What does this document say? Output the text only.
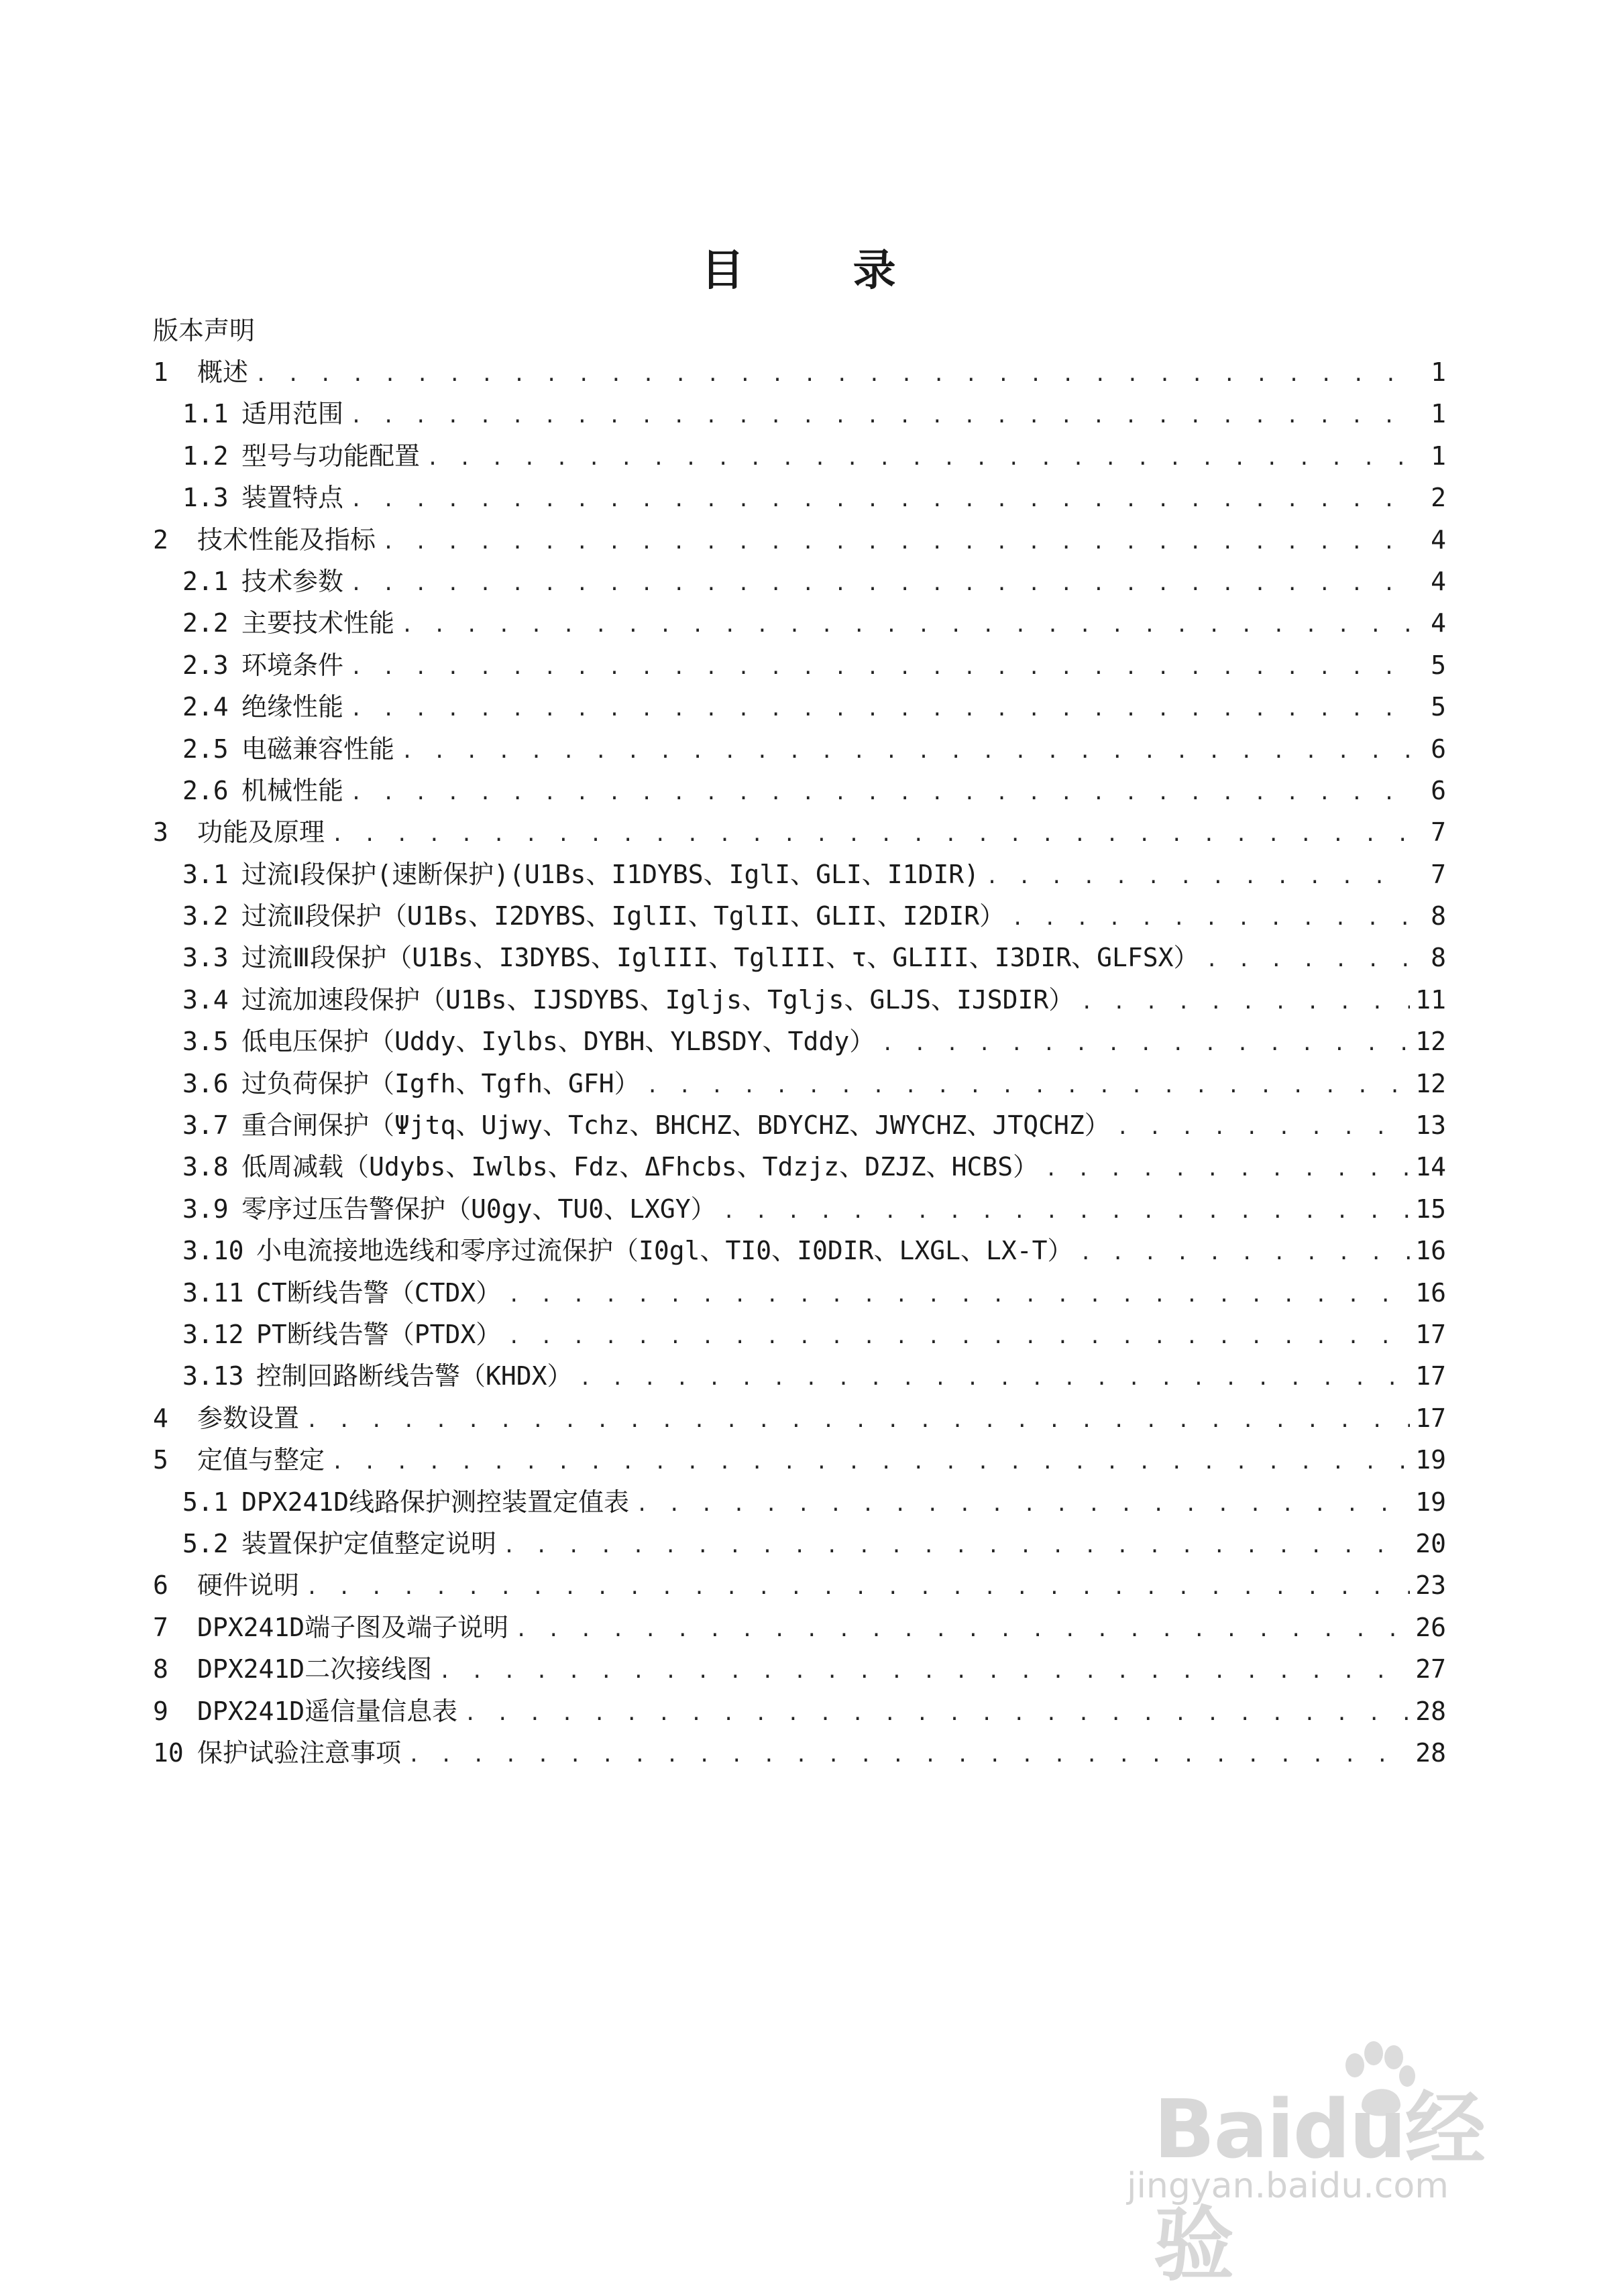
目 录
版本声明
1	概述 . . .	1
1.1 适用范围 . . .	1
1.2 型号与功能配置 . . .	1
1.3 装置特点 . . .	2
2	技术性能及指标 . . .	4
2.1 技术参数 . . .	4
2.2 主要技术性能 . . .	4
2.3 环境条件 . . .	5
2.4 绝缘性能 . . .	5
2.5 电磁兼容性能 . . .	6
2.6 机械性能 . . .	6
3	功能及原理 . . .	7
3.1 过流Ⅰ段保护(速断保护)(U1Bs、I1DYBS、IglI、GLI、I1DIR) . . .	7
3.2 过流Ⅱ段保护（U1Bs、I2DYBS、IglII、TglII、GLII、I2DIR） . . .	8
3.3 过流Ⅲ段保护（U1Bs、I3DYBS、IglIII、TglIII、τ、GLIII、I3DIR、GLFSX） . . .	8
3.4 过流加速段保护（U1Bs、IJSDYBS、Igljs、Tgljs、GLJS、IJSDIR） . . .	11
3.5 低电压保护（Uddy、Iylbs、DYBH、YLBSDY、Tddy） . . .	12
3.6 过负荷保护（Igfh、Tgfh、GFH） . . .	12
3.7 重合闸保护（Ψjtq、Ujwy、Tchz、BHCHZ、BDYCHZ、JWYCHZ、JTQCHZ） . . .	13
3.8 低周减载（Udybs、Iwlbs、Fdz、ΔFhcbs、Tdzjz、DZJZ、HCBS） . . .	14
3.9 零序过压告警保护（U0gy、TU0、LXGY） . . .	15
3.10 小电流接地选线和零序过流保护（I0gl、TI0、I0DIR、LXGL、LX-T） . . .	16
3.11 CT断线告警（CTDX） . . .	16
3.12 PT断线告警（PTDX） . . .	17
3.13 控制回路断线告警（KHDX） . . .	17
4	参数设置 . . .	17
5	定值与整定 . . .	19
5.1 DPX241D线路保护测控装置定值表 . . .	19
5.2 装置保护定值整定说明 . . .	20
6	硬件说明 . . .	23
7	DPX241D端子图及端子说明 . . .	26
8	DPX241D二次接线图 . . .	27
9	DPX241D遥信量信息表 . . .	28
10 保护试验注意事项 . . .	28
Baidu经验
jingyan.baidu.com
